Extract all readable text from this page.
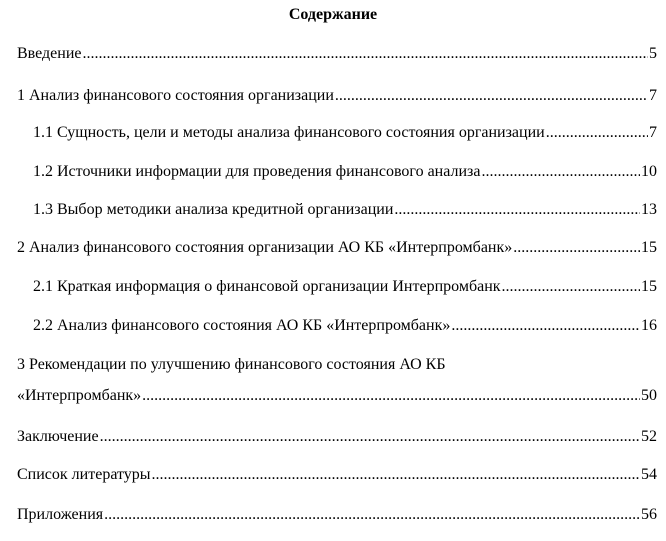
Содержание
Введение .....	5
1 Анализ финансового состояния организации .....	7
1.1 Сущность, цели и методы анализа финансового состояния организации .....	7
1.2 Источники информации для проведения финансового анализа .....	10
1.3 Выбор методики анализа кредитной организации .....	13
2 Анализ финансового состояния организации АО КБ «Интерпромбанк» .....	15
2.1 Краткая информация о финансовой организации Интерпромбанк .....	15
2.2 Анализ финансового состояния АО КБ «Интерпромбанк» .....	16
3 Рекомендации по улучшению финансового состояния АО КБ
«Интерпромбанк» .....	50
Заключение .....	52
Список литературы .....	54
Приложения .....	56
